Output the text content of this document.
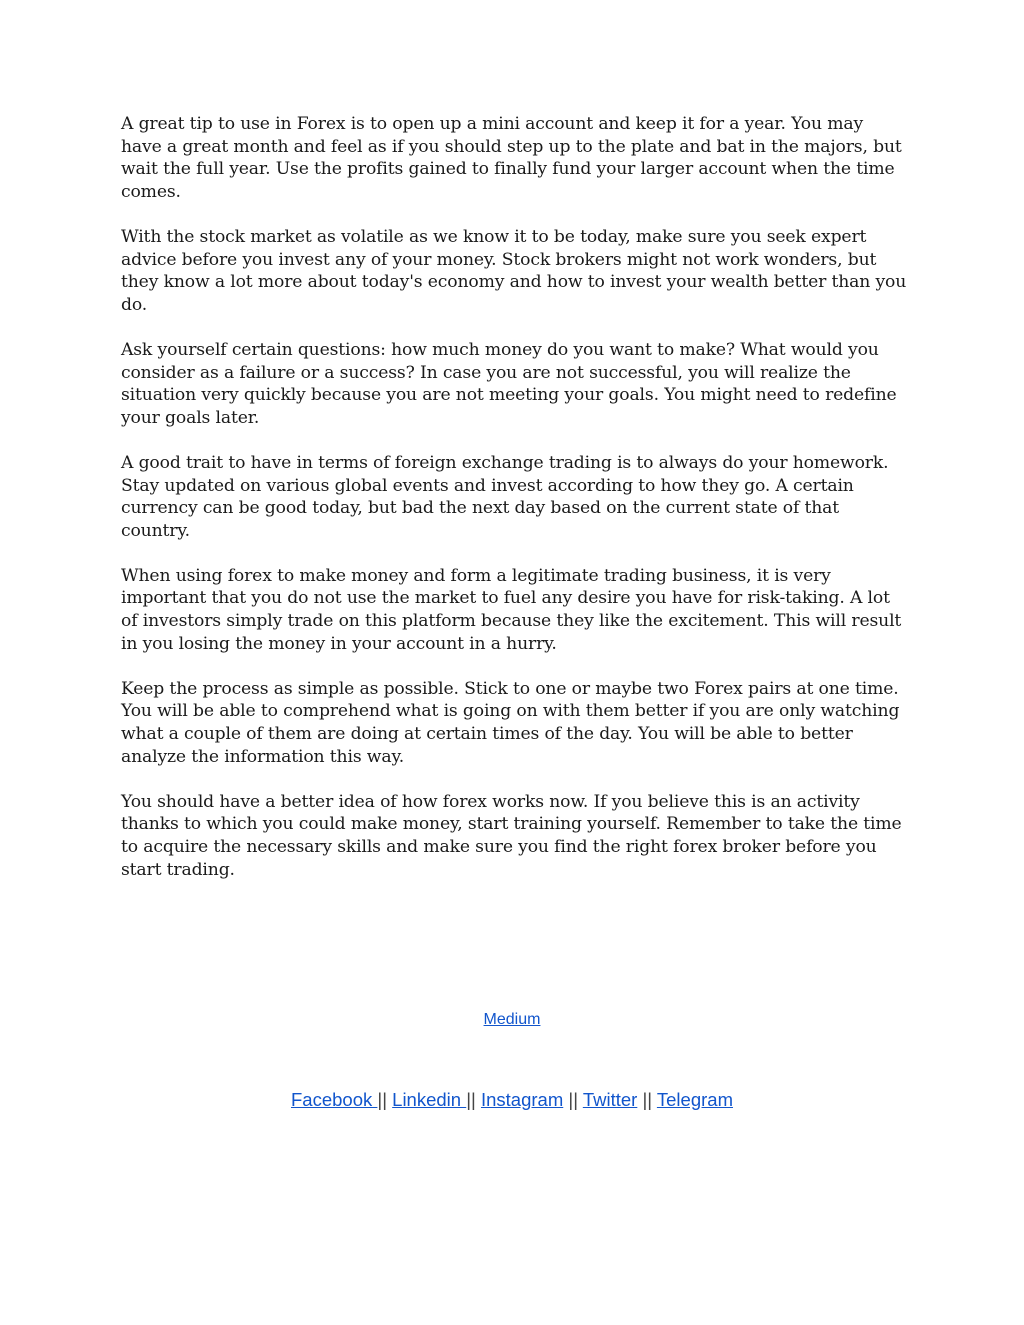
A great tip to use in Forex is to open up a mini account and keep it for a year. You may have a great month and feel as if you should step up to the plate and bat in the majors, but wait the full year. Use the profits gained to finally fund your larger account when the time comes.

With the stock market as volatile as we know it to be today, make sure you seek expert advice before you invest any of your money. Stock brokers might not work wonders, but they know a lot more about today's economy and how to invest your wealth better than you do.

Ask yourself certain questions: how much money do you want to make? What would you consider as a failure or a success? In case you are not successful, you will realize the situation very quickly because you are not meeting your goals. You might need to redefine your goals later.

A good trait to have in terms of foreign exchange trading is to always do your homework. Stay updated on various global events and invest according to how they go. A certain currency can be good today, but bad the next day based on the current state of that country.

When using forex to make money and form a legitimate trading business, it is very important that you do not use the market to fuel any desire you have for risk-taking. A lot of investors simply trade on this platform because they like the excitement. This will result in you losing the money in your account in a hurry.

Keep the process as simple as possible. Stick to one or maybe two Forex pairs at one time. You will be able to comprehend what is going on with them better if you are only watching what a couple of them are doing at certain times of the day. You will be able to better analyze the information this way.

You should have a better idea of how forex works now. If you believe this is an activity thanks to which you could make money, start training yourself. Remember to take the time to acquire the necessary skills and make sure you find the right forex broker before you start trading.

Medium
Facebook || Linkedin || Instagram || Twitter || Telegram
